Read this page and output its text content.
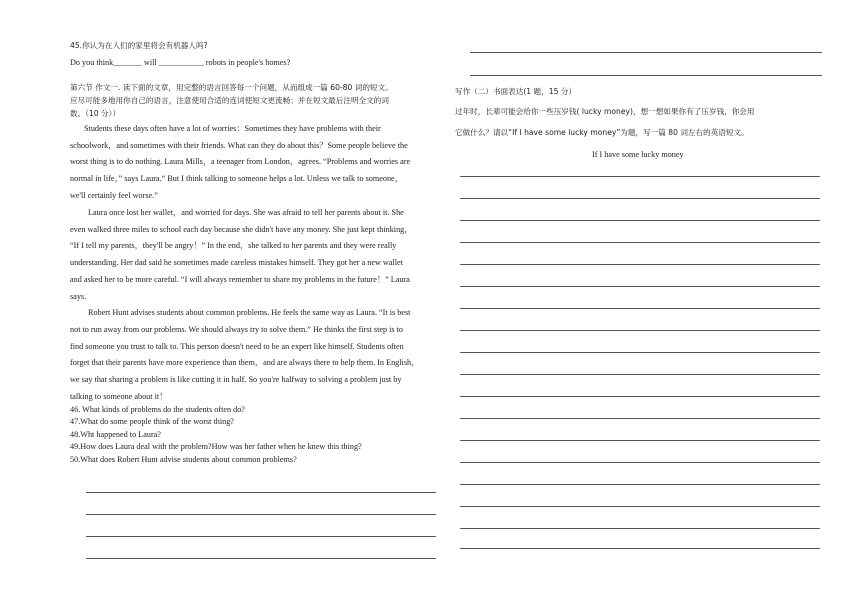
45.你认为在人们的家里将会有机器人吗?
Do you think_______ will ___________ robots in people's homes?
第六节 作文一. 读下面的文章，用完整的语言回答每一个问题，从而组成一篇 60-80 词的短文。
应尽可能多地用你自己的语言，注意使用合适的连词使短文更流畅；并在短文最后注明全文的词
数。（10 分））
Students these days often have a lot of worries：Sometimes they have problems with their
schoolwork，and sometimes with their friends. What can they do about this？Some people believe the
worst thing is to do nothing. Laura Mills，a teenager from London，agrees. “Problems and worries are
normal in life，” says Laura.“ But I think talking to someone helps a lot. Unless we talk to someone，
we'll certainly feel worse.”
Laura once lost her wallet，and worried for days. She was afraid to tell her parents about it. She
even walked three miles to school each day because she didn't have any money. She just kept thinking，
“If I tell my parents，they'll be angry！” In the end，she talked to her parents and they were really
understanding. Her dad said he sometimes made careless mistakes himself. They got her a new wallet
and asked her to be more careful. “I will always remember to share my problems in the future！” Laura
says.
Robert Hunt advises students about common problems. He feels the same way as Laura. “It is best
not to run away from our problems. We should always try to solve them.” He thinks the first step is to
find someone you trust to talk to. This person doesn't need to be an expert like himself. Students often
forget that their parents have more experience than them，and are always there to help them. In English，
we say that sharing a problem is like cutting it in half. So you're halfway to solving a problem just by
talking to someone about it！
46. What kinds of problems do the students often do?
47.What do some people think of the worst thing?
48.Wht happened to Laura?
49.How does Laura deal with the problem?How was her father when he knew this thing?
50.What does Robert Hunt advise students about common problems?
写作（二）书面表达(1 题，15 分）
过年时，长辈可能会给你一些压岁钱( lucky money)，想一想如果你有了压岁钱，你会用
它做什么？请以“If I have some lucky money”为题，写一篇 80 词左右的英语短文。
If I have some lucky money
